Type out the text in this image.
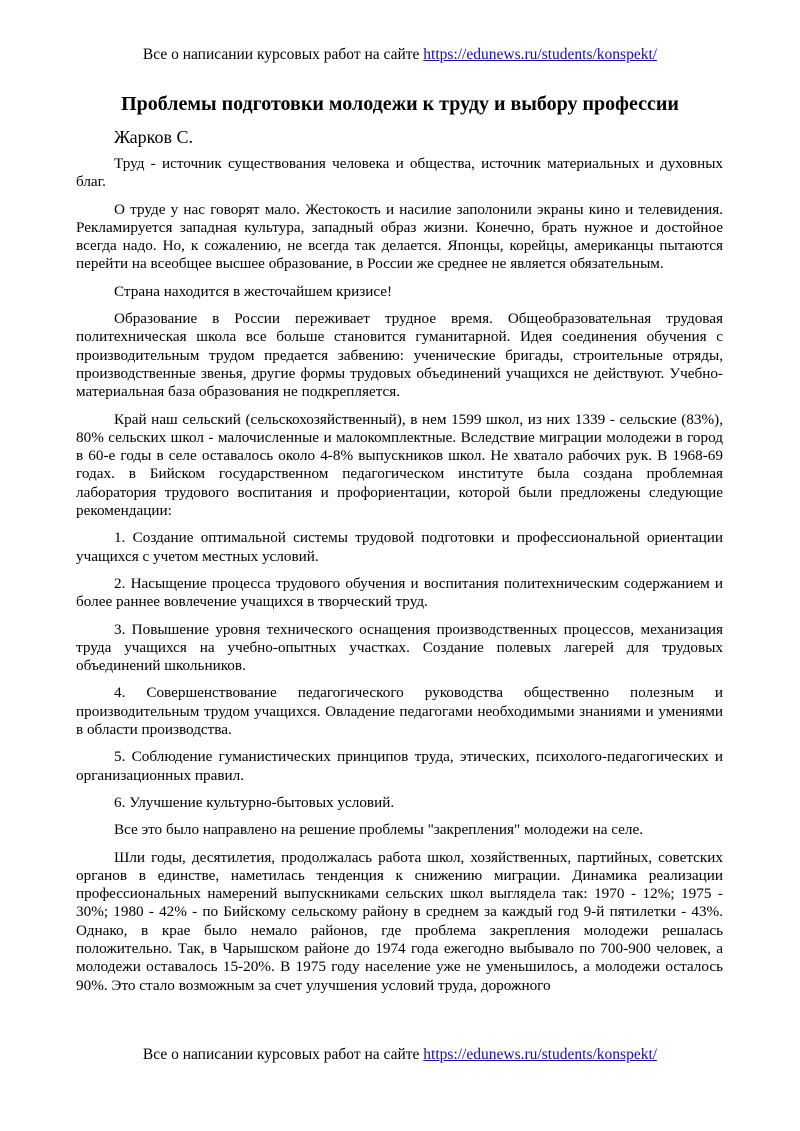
Все о написании курсовых работ на сайте https://edunews.ru/students/konspekt/
Проблемы подготовки молодежи к труду и выбору профессии
Жарков С.

Труд - источник существования человека и общества, источник материальных и духовных благ.

О труде у нас говорят мало. Жестокость и насилие заполонили экраны кино и телевидения. Рекламируется западная культура, западный образ жизни. Конечно, брать нужное и достойное всегда надо. Но, к сожалению, не всегда так делается. Японцы, корейцы, американцы пытаются перейти на всеобщее высшее образование, в России же среднее не является обязательным.

Страна находится в жесточайшем кризисе!

Образование в России переживает трудное время. Общеобразовательная трудовая политехническая школа все больше становится гуманитарной. Идея соединения обучения с производительным трудом предается забвению: ученические бригады, строительные отряды, производственные звенья, другие формы трудовых объединений учащихся не действуют. Учебно-материальная база образования не подкрепляется.

Край наш сельский (сельскохозяйственный), в нем 1599 школ, из них 1339 - сельские (83%), 80% сельских школ - малочисленные и малокомплектные. Вследствие миграции молодежи в город в 60-е годы в селе оставалось около 4-8% выпускников школ. Не хватало рабочих рук. В 1968-69 годах. в Бийском государственном педагогическом институте была создана проблемная лаборатория трудового воспитания и профориентации, которой были предложены следующие рекомендации:

1. Создание оптимальной системы трудовой подготовки и профессиональной ориентации учащихся с учетом местных условий.

2. Насыщение процесса трудового обучения и воспитания политехническим содержанием и более раннее вовлечение учащихся в творческий труд.

3. Повышение уровня технического оснащения производственных процессов, механизация труда учащихся на учебно-опытных участках. Создание полевых лагерей для трудовых объединений школьников.

4. Совершенствование педагогического руководства общественно полезным и производительным трудом учащихся. Овладение педагогами необходимыми знаниями и умениями в области производства.

5. Соблюдение гуманистических принципов труда, этических, психолого-педагогических и организационных правил.

6. Улучшение культурно-бытовых условий.

Все это было направлено на решение проблемы "закрепления" молодежи на селе.

Шли годы, десятилетия, продолжалась работа школ, хозяйственных, партийных, советских органов в единстве, наметилась тенденция к снижению миграции. Динамика реализации профессиональных намерений выпускниками сельских школ выглядела так: 1970 - 12%; 1975 - 30%; 1980 - 42% - по Бийскому сельскому району в среднем за каждый год 9-й пятилетки - 43%. Однако, в крае было немало районов, где проблема закрепления молодежи решалась положительно. Так, в Чарышском районе до 1974 года ежегодно выбывало по 700-900 человек, а молодежи оставалось 15-20%. В 1975 году население уже не уменьшилось, а молодежи осталось 90%. Это стало возможным за счет улучшения условий труда, дорожного

Все о написании курсовых работ на сайте https://edunews.ru/students/konspekt/
